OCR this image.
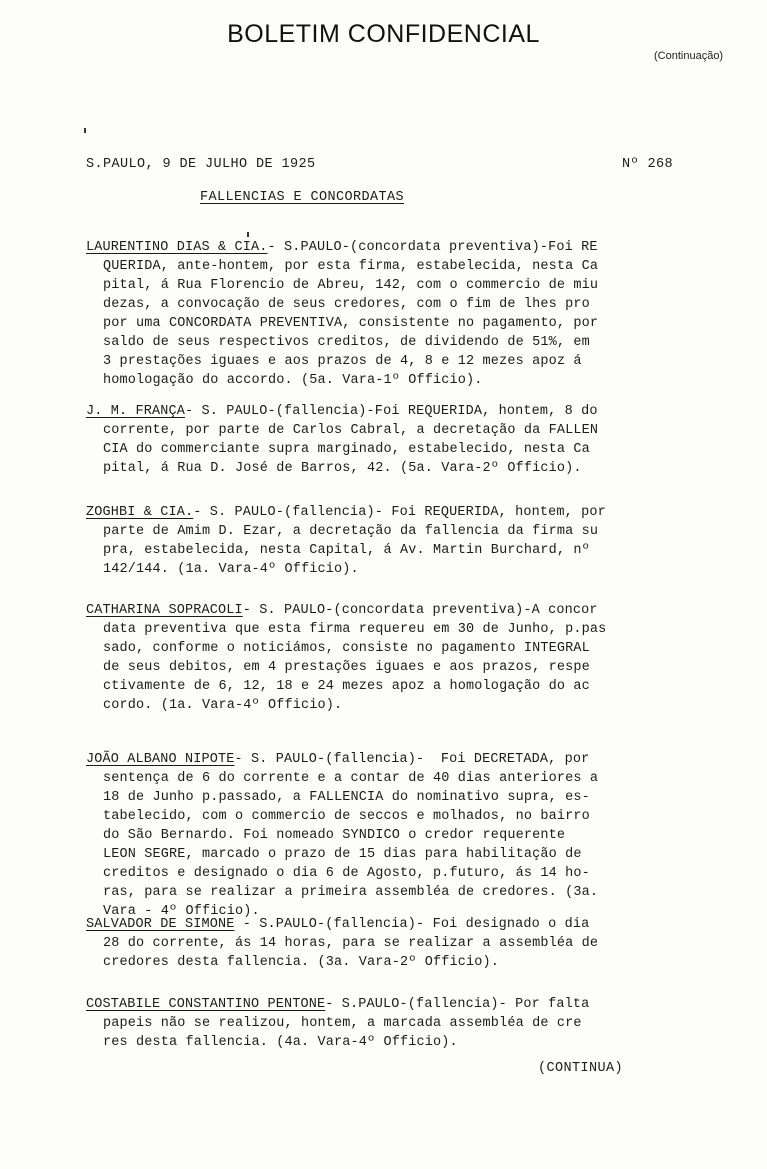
BOLETIM CONFIDENCIAL
(Continuação)
S.PAULO, 9 DE JULHO DE 1925	Nº 268
FALLENCIAS E CONCORDATAS
LAURENTINO DIAS & CIA.- S.PAULO-(concordata preventiva)-Foi RE
QUERIDA, ante-hontem, por esta firma, estabelecida, nesta Ca
pital, á Rua Florencio de Abreu, 142, com o commercio de miu
dezas, a convocação de seus credores, com o fim de lhes pro
por uma CONCORDATA PREVENTIVA, consistente no pagamento, por
saldo de seus respectivos creditos, de dividendo de 51%, em
3 prestações iguaes e aos prazos de 4, 8 e 12 mezes apoz á
homologação do accordo. (5a. Vara-1º Officio).
J. M. FRANÇA- S. PAULO-(fallencia)-Foi REQUERIDA, hontem, 8 do
corrente, por parte de Carlos Cabral, a decretação da FALLEN
CIA do commerciante supra marginado, estabelecido, nesta Ca
pital, á Rua D. José de Barros, 42. (5a. Vara-2º Officio).
ZOGHBI & CIA.- S. PAULO-(fallencia)- Foi REQUERIDA, hontem, por
parte de Amim D. Ezar, a decretação da fallencia da firma su
pra, estabelecida, nesta Capital, á Av. Martin Burchard, nº
142/144. (1a. Vara-4º Officio).
CATHARINA SOPRACOLI- S. PAULO-(concordata preventiva)-A concor
data preventiva que esta firma requereu em 30 de Junho, p.pas
sado, conforme o noticiámos, consiste no pagamento INTEGRAL
de seus debitos, em 4 prestações iguaes e aos prazos, respe
ctivamente de 6, 12, 18 e 24 mezes apoz a homologação do ac
cordo. (1a. Vara-4º Officio).
JOÃO ALBANO NIPOTE- S. PAULO-(fallencia)-  Foi DECRETADA, por
sentença de 6 do corrente e a contar de 40 dias anteriores a
18 de Junho p.passado, a FALLENCIA do nominativo supra, es-
tabelecido, com o commercio de seccos e molhados, no bairro
do São Bernardo. Foi nomeado SYNDICO o credor requerente
LEON SEGRE, marcado o prazo de 15 dias para habilitação de
creditos e designado o dia 6 de Agosto, p.futuro, ás 14 ho-
ras, para se realizar a primeira assembléa de credores. (3a.
Vara - 4º Officio).
SALVADOR DE SIMONE - S.PAULO-(fallencia)- Foi designado o dia
28 do corrente, ás 14 horas, para se realizar a assembléa de
credores desta fallencia. (3a. Vara-2º Officio).
COSTABILE CONSTANTINO PENTONE- S.PAULO-(fallencia)- Por falta
papeis não se realizou, hontem, a marcada assembléa de cre
res desta fallencia. (4a. Vara-4º Officio).
(CONTINUA)
